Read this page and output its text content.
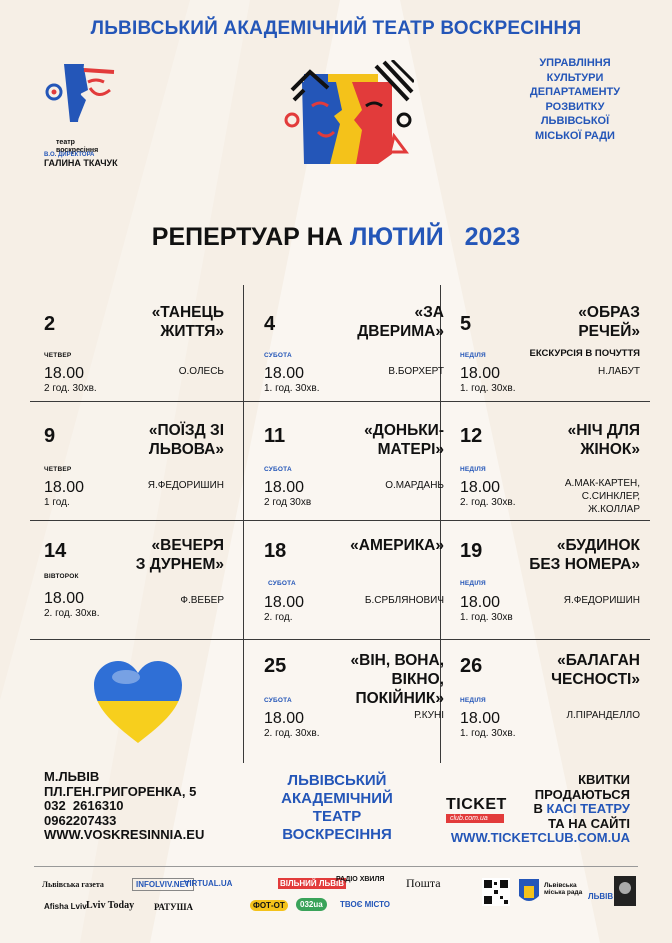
ЛЬВІВСЬКИЙ АКАДЕМІЧНИЙ ТЕАТР ВОСКРЕСІННЯ
театр
воскресіння
В.О. ДИРЕКТОРА
ГАЛИНА ТКАЧУК
УПРАВЛІННЯ
КУЛЬТУРИ
ДЕПАРТАМЕНТУ
РОЗВИТКУ
ЛЬВІВСЬКОЇ
МІСЬКОЇ РАДИ
РЕПЕРТУАР НА ЛЮТИЙ 2023
2
«ТАНЕЦЬ
ЖИТТЯ»
ЧЕТВЕР
18.00
2 год. 30хв.
О.ОЛЕСЬ
4
«ЗА
ДВЕРИМА»
СУБОТА
18.00
1. год. 30хв.
В.БОРХЕРТ
5
«ОБРАЗ
РЕЧЕЙ»
ЕКСКУРСІЯ В ПОЧУТТЯ
НЕДІЛЯ
18.00
1. год. 30хв.
Н.ЛАБУТ
9	«ПОЇЗД ЗІ
ЛЬВОВА»
ЧЕТВЕР
18.00
1 год.
Я.ФЕДОРИШИН
11	«ДОНЬКИ-
МАТЕРІ»
СУБОТА
18.00
2 год 30хв
О.МАРДАНЬ
12	«НІЧ ДЛЯ
ЖІНОК»
НЕДІЛЯ
18.00
2. год. 30хв.
А.МАК-КАРТЕН,
С.СИНКЛЕР,
Ж.КОЛЛАР
14	«ВЕЧЕРЯ
З ДУРНЕМ»
ВІВТОРОК
18.00
2. год. 30хв.
Ф.ВЕБЕР
18	«АМЕРИКА»
СУБОТА
18.00
2. год.
Б.СРБЛЯНОВИЧ
19	«БУДИНОК
БЕЗ НОМЕРА»
НЕДІЛЯ
18.00
1. год. 30хв
Я.ФЕДОРИШИН
25	«ВІН, ВОНА,
ВІКНО,
ПОКІЙНИК»
СУБОТА
18.00
2. год. 30хв.
Р.КУНІ
26	«БАЛАГАН
ЧЕСНОСТІ»
НЕДІЛЯ
18.00
1. год. 30хв.
Л.ПІРАНДЕЛЛО
М.ЛЬВІВ
ПЛ.ГЕН.ГРИГОРЕНКА, 5
032  2616310
0962207433
WWW.VOSKRESINNIA.EU
ЛЬВІВСЬКИЙ
АКАДЕМІЧНИЙ
ТЕАТР
ВОСКРЕСІННЯ
TICKET
club.com.ua
КВИТКИ
ПРОДАЮТЬСЯ
В КАСІ ТЕАТРУ
ТА НА САЙТІ
WWW.TICKETCLUB.COM.UA
Львівська газета	INFOLVIV.NET
VIRTUAL.UA	ВІЛЬНИЙ ЛЬВІВ
РАДІО ХВИЛЯ Пошта
Afisha Lviv Lviv Today РАТУША	ФОТ-ОТ	032ua	ТВОЄ МІСТО
Львівська міська рада ЛЬВІВ
